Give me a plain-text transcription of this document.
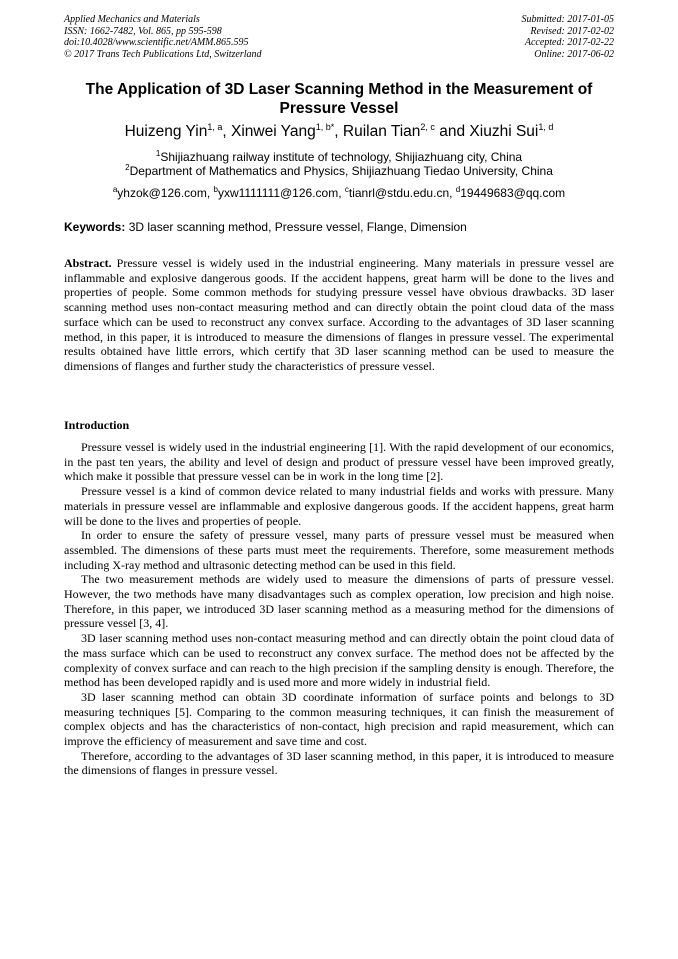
Applied Mechanics and Materials
ISSN: 1662-7482, Vol. 865, pp 595-598
doi:10.4028/www.scientific.net/AMM.865.595
© 2017 Trans Tech Publications Ltd, Switzerland
Submitted: 2017-01-05
Revised: 2017-02-02
Accepted: 2017-02-22
Online: 2017-06-02
The Application of 3D Laser Scanning Method in the Measurement of Pressure Vessel
Huizeng Yin$^{1, a}$, Xinwei Yang$^{1, b*}$, Ruilan Tian$^{2, c}$ and Xiuzhi Sui$^{1, d}$
$^1$Shijiazhuang railway institute of technology, Shijiazhuang city, China
$^2$Department of Mathematics and Physics, Shijiazhuang Tiedao University, China
$^a$yhzok@126.com, $^b$yxw1111111@126.com, $^c$tianrl@stdu.edu.cn, $^d$19449683@qq.com
Keywords: 3D laser scanning method, Pressure vessel, Flange, Dimension
Abstract. Pressure vessel is widely used in the industrial engineering. Many materials in pressure vessel are inflammable and explosive dangerous goods. If the accident happens, great harm will be done to the lives and properties of people. Some common methods for studying pressure vessel have obvious drawbacks. 3D laser scanning method uses non-contact measuring method and can directly obtain the point cloud data of the mass surface which can be used to reconstruct any convex surface. According to the advantages of 3D laser scanning method, in this paper, it is introduced to measure the dimensions of flanges in pressure vessel. The experimental results obtained have little errors, which certify that 3D laser scanning method can be used to measure the dimensions of flanges and further study the characteristics of pressure vessel.
Introduction

Pressure vessel is widely used in the industrial engineering [1]. With the rapid development of our economics, in the past ten years, the ability and level of design and product of pressure vessel have been improved greatly, which make it possible that pressure vessel can be in work in the long time [2].

Pressure vessel is a kind of common device related to many industrial fields and works with pressure. Many materials in pressure vessel are inflammable and explosive dangerous goods. If the accident happens, great harm will be done to the lives and properties of people.

In order to ensure the safety of pressure vessel, many parts of pressure vessel must be measured when assembled. The dimensions of these parts must meet the requirements. Therefore, some measurement methods including X-ray method and ultrasonic detecting method can be used in this field.

The two measurement methods are widely used to measure the dimensions of parts of pressure vessel. However, the two methods have many disadvantages such as complex operation, low precision and high noise. Therefore, in this paper, we introduced 3D laser scanning method as a measuring method for the dimensions of pressure vessel [3, 4].

3D laser scanning method uses non-contact measuring method and can directly obtain the point cloud data of the mass surface which can be used to reconstruct any convex surface. The method does not be affected by the complexity of convex surface and can reach to the high precision if the sampling density is enough. Therefore, the method has been developed rapidly and is used more and more widely in industrial field.

3D laser scanning method can obtain 3D coordinate information of surface points and belongs to 3D measuring techniques [5]. Comparing to the common measuring techniques, it can finish the measurement of complex objects and has the characteristics of non-contact, high precision and rapid measurement, which can improve the efficiency of measurement and save time and cost.

Therefore, according to the advantages of 3D laser scanning method, in this paper, it is introduced to measure the dimensions of flanges in pressure vessel.
